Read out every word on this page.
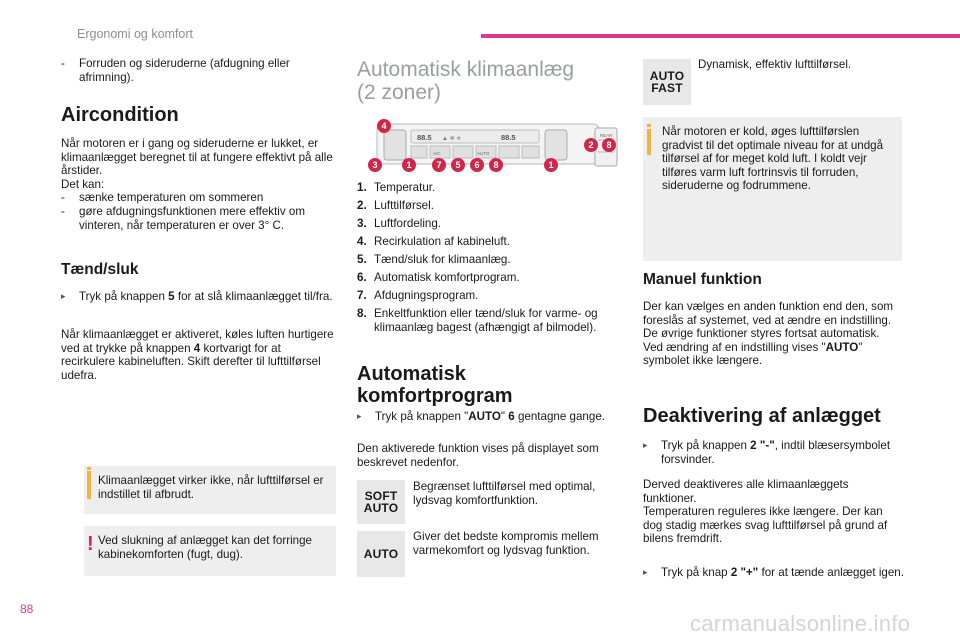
Ergonomi og komfort
-	Forruden og sideruderne (afdugning eller afrimning).
Aircondition
Når motoren er i gang og sideruderne er lukket, er klimaanlægget beregnet til at fungere effektivt på alle årstider.
Det kan:
- sænke temperaturen om sommeren
- gøre afdugningsfunktionen mere effektiv om vinteren, når temperaturen er over 3° C.
Tænd/sluk
▸ Tryk på knappen 5 for at slå klimaanlægget til/fra.
Når klimaanlægget er aktiveret, køles luften hurtigere ved at trykke på knappen 4 kortvarigt for at recirkulere kabineluften. Skift derefter til lufttilførsel udefra.
Klimaanlægget virker ikke, når lufttilførsel er indstillet til afbrudt.
! Ved slukning af anlægget kan det forringe kabinekomforten (fugt, dug).
Automatisk klimaanlæg
(2 zoner)
88.5	88.5
▲ ❄ ✯
REAR
A/C	AUTO
4
3	1	7	5	6	8	1
2	8
1. Temperatur.
2. Lufttilførsel.
3. Luftfordeling.
4. Recirkulation af kabineluft.
5. Tænd/sluk for klimaanlæg.
6. Automatisk komfortprogram.
7. Afdugningsprogram.
8. Enkeltfunktion eller tænd/sluk for varme- og klimaanlæg bagest (afhængigt af bilmodel).
Automatisk
komfortprogram
▸ Tryk på knappen "AUTO" 6 gentagne gange.
Den aktiverede funktion vises på displayet som beskrevet nedenfor.
SOFT
AUTO
Begrænset lufttilførsel med optimal, lydsvag komfortfunktion.
AUTO
Giver det bedste kompromis mellem varmekomfort og lydsvag funktion.
AUTO
FAST
Dynamisk, effektiv lufttilførsel.
Når motoren er kold, øges lufttilførslen gradvist til det optimale niveau for at undgå tilførsel af for meget kold luft. I koldt vejr tilføres varm luft fortrinsvis til forruden, sideruderne og fodrummene.
Manuel funktion
Der kan vælges en anden funktion end den, som foreslås af systemet, ved at ændre en indstilling. De øvrige funktioner styres fortsat automatisk.
Ved ændring af en indstilling vises "AUTO" symbolet ikke længere.
Deaktivering af anlægget
▸ Tryk på knappen 2 "-", indtil blæsersymbolet forsvinder.
Derved deaktiveres alle klimaanlæggets funktioner.
Temperaturen reguleres ikke længere. Der kan dog stadig mærkes svag lufttilførsel på grund af bilens fremdrift.
▸ Tryk på knap 2 "+" for at tænde anlægget igen.
88
carmanualsonline.info
